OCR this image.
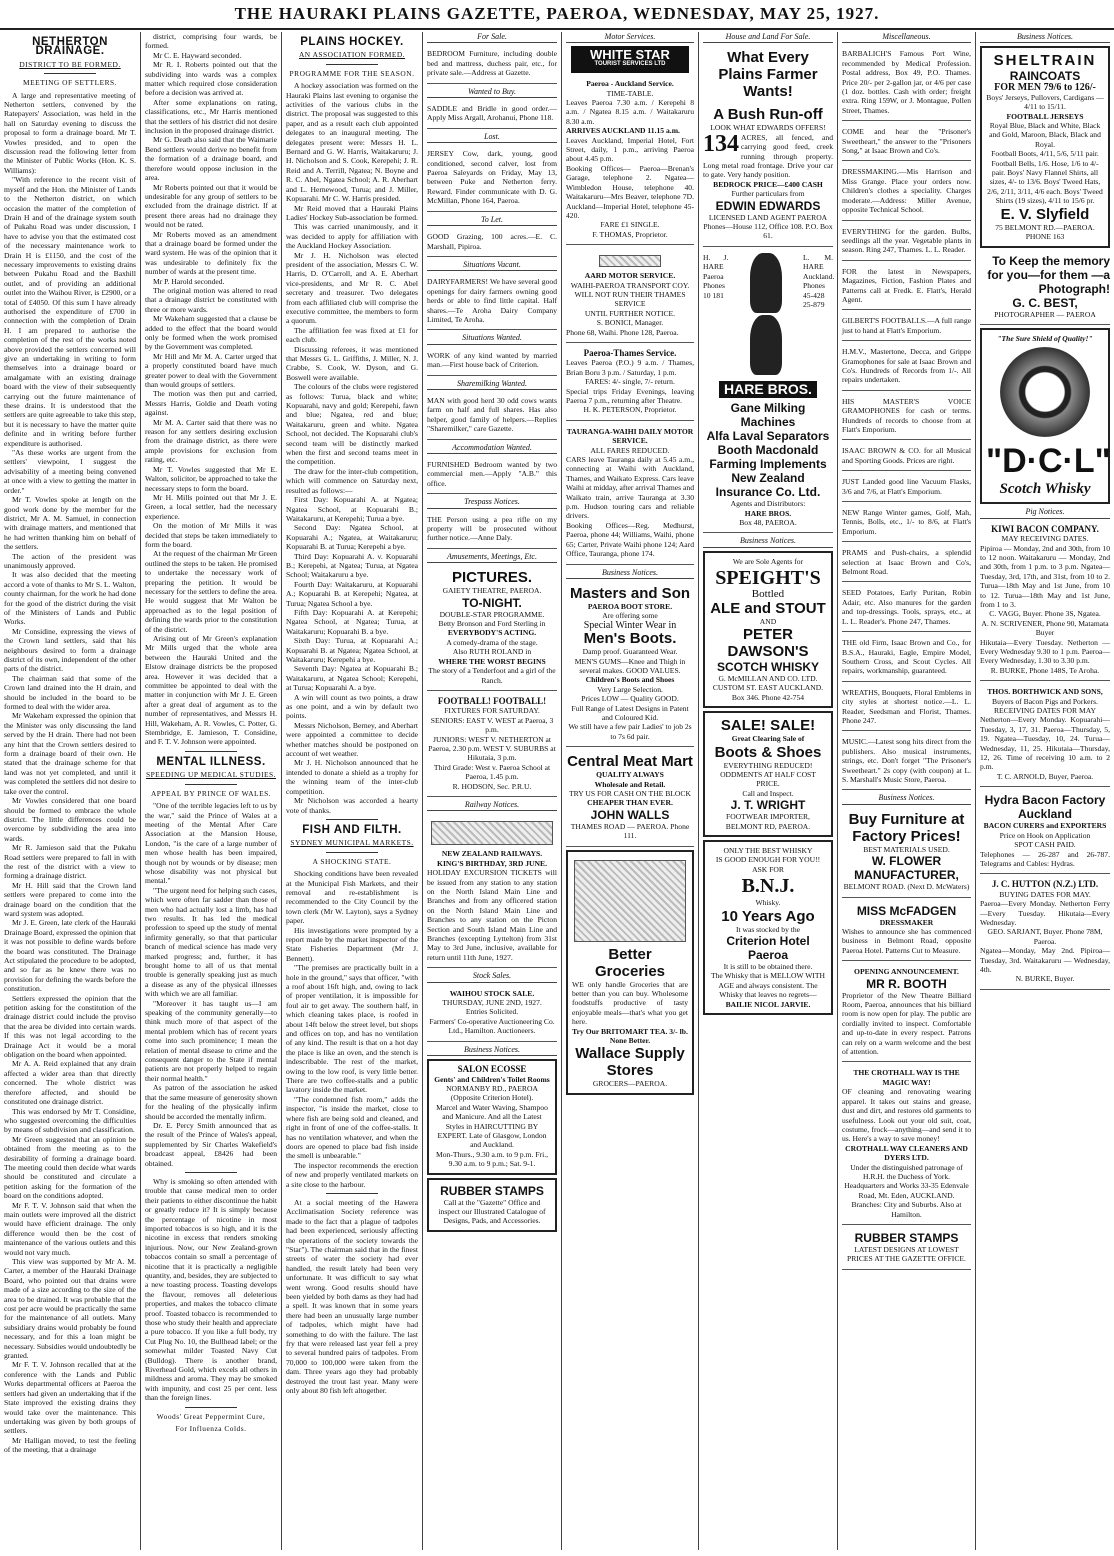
THE HAURAKI PLAINS GAZETTE, PAEROA, WEDNESDAY, MAY 25, 1927.
NETHERTON DRAINAGE.
DISTRICT TO BE FORMED.
MEETING OF SETTLERS.

A large and representative meeting of Netherton settlers, convened by the Ratepayers' Association, was held in the hall on Saturday evening to discuss the proposal to form a drainage board. Mr T. Vowles presided, and to open the discussion read the following letter from the Minister of Public Works (Hon. K. S. Williams):

"With reference to the recent visit of myself and the Hon. the Minister of Lands to the Netherton district, on which occasion the matter of the completion of Drain H and of the drainage system south of Pukahu Road was under discussion, I have to advise you that the estimated cost of the necessary maintenance work to Drain H is £1150, and the cost of the necessary improvements to existing drains between Pukahu Road and the Baxhill outlet, and of providing an additional outlet into the Waihou River, is £2900, or a total of £4050. Of this sum I have already authorised the expenditure of £700 in connection with the completion of Drain H. I am prepared to authorise the completion of the rest of the works noted above provided the settlers concerned will give an undertaking in writing to form themselves into a drainage board or amalgamate with an existing drainage board with the view of their subsequently carrying out the future maintenance of these drains. It is understood that the settlers are quite agreeable to take this step, but it is necessary to have the matter quite definite and in writing before further expenditure is authorised.

"As these works are urgent from the settlers' viewpoint, I suggest the advisability of a meeting being convened at once with a view to getting the matter in order."

Mr T. Vowles spoke at length on the good work done by the member for the district, Mr A. M. Samuel, in connection with drainage matters, and mentioned that he had written thanking him on behalf of the settlers.

The action of the president was unanimously approved.

It was also decided that the meeting accord a vote of thanks to Mr S. L. Walton, county chairman, for the work he had done for the good of the district during the visit of the Ministers of Lands and Public Works.

Mr Considine, expressing the views of the Crown land settlers, said that his neighbours desired to form a drainage district of its own, independent of the other parts of the district.

The chairman said that some of the Crown land drained into the H drain, and should be included in the board to be formed to deal with the wider area.

Mr Wakeham expressed the opinion that the Minister was only discussing the land served by the H drain. There had not been any hint that the Crown settlers desired to form a drainage board of their own. He stated that the drainage scheme for that land was not yet completed, and until it was completed the settlers did not desire to take over the control.

Mr Vowles considered that one board should be formed to embrace the whole district. The little differences could be overcome by subdividing the area into wards.

Mr R. Jamieson said that the Pukahu Road settlers were prepared to fall in with the rest of the district with a view to forming a drainage district.

Mr H. Hill said that the Crown land settlers were prepared to come into the drainage board on the condition that the ward system was adopted.

Mr J. E. Green, late clerk of the Hauraki Drainage Board, expressed the opinion that it was not possible to define wards before the board was constituted. The Drainage Act stipulated the procedure to be adopted, and so far as he knew there was no provision for defining the wards before the constitution.

Settlers expressed the opinion that the petition asking for the constitution of the drainage district could include the proviso that the area be divided into certain wards. If this was not legal according to the Drainage Act it would be a moral obligation on the board when appointed.

Mr A. A. Reid explained that any drain affected a wider area than that directly concerned. The whole district was therefore affected, and should be constituted one drainage district.

This was endorsed by Mr T. Considine, who suggested overcoming the difficulties by means of subdivision and classification.

Mr Green suggested that an opinion be obtained from the meeting as to the desirability of forming a drainage board. The meeting could then decide what wards should be constituted and circulate a petition asking for the formation of the board on the conditions adopted.

Mr F. T. V. Johnson said that when the main outlets were improved all the district would have efficient drainage. The only difference would then be the cost of maintenance of the various outlets and this would not vary much.

This view was supported by Mr A. M. Carter, a member of the Hauraki Drainage Board, who pointed out that drains were made of a size according to the size of the area to be drained. It was probable that the cost per acre would be practically the same for the maintenance of all outlets. Many subsidiary drains would probably be found necessary, and for this a loan might be necessary. Subsidies would undoubtedly be granted.

Mr F. T. V. Johnson recalled that at the conference with the Lands and Public Works departmental officers at Paeroa the settlers had given an undertaking that if the State improved the existing drains they would take over the maintenance. This undertaking was given by both groups of settlers.

Mr Halligan moved, to test the feeling of the meeting, that a drainage

district, comprising four wards, be formed.

Mr C. E. Hayward seconded.

Mr R. I. Roberts pointed out that the subdividing into wards was a complex matter which required close consideration before a decision was arrived at.

After some explanations on rating, classifications, etc., Mr Harris mentioned that the settlers of his district did not desire inclusion in the proposed drainage district.

Mr G. Death also said that the Waimarie Bend settlers would derive no benefit from the formation of a drainage board, and therefore would oppose inclusion in the area.

Mr Roberts pointed out that it would be undesirable for any group of settlers to be excluded from the drainage district. If at present there areas had no drainage they would not be rated.

Mr Roberts moved as an amendment that a drainage board be formed under the ward system. He was of the opinion that it was undesirable to definitely fix the number of wards at the present time.

Mr P. Harold seconded.

The original motion was altered to read that a drainage district be constituted with three or more wards.

Mr Wakeham suggested that a clause be added to the effect that the board would only be formed when the work promised by the Government was completed.

Mr Hill and Mr M. A. Carter urged that a properly constituted board have much greater power to deal with the Government than would groups of settlers.

The motion was then put and carried, Messrs Harris, Goldie and Death voting against.

Mr M. A. Carter said that there was no reason for any settlers desiring exclusion from the drainage district, as there were ample provisions for exclusion from rating, etc.

Mr T. Vowles suggested that Mr E. Walton, solicitor, be approached to take the necessary steps to form the board.

Mr H. Mills pointed out that Mr J. E. Green, a local settler, had the necessary experience.

On the motion of Mr Mills it was decided that steps be taken immediately to form the board.

At the request of the chairman Mr Green outlined the steps to be taken. He promised to undertake the necessary work of preparing the petition. It would be necessary for the settlers to define the area. He would suggest that Mr Walton be approached as to the legal position of defining the wards prior to the constitution of the district.

Arising out of Mr Green's explanation Mr Mills urged that the whole area between the Hauraki United and the Elstow drainage districts be the proposed area. However it was decided that a committee be appointed to deal with the matter in conjunction with Mr J. E. Green after a great deal of argument as to the number of representatives, and Messrs H. Hill, Wakeham, A. R. Vowles, C. Potter, G. Stembridge, E. Jamieson, T. Considine, and F. T. V. Johnson were appointed.

MENTAL ILLNESS.
SPEEDING UP MEDICAL STUDIES.
APPEAL BY PRINCE OF WALES.

"One of the terrible legacies left to us by the war," said the Prince of Wales at a meeting of the Mental After Care Association at the Mansion House, London, "is the care of a large number of men whose health has been impaired, though not by wounds or by disease; men whose disability was not physical but mental."

"The urgent need for helping such cases, which were often far sadder than those of men who had actually lost a limb, has had two results. It has led the medical profession to speed up the study of mental infirmity generally, so that that particular branch of medical science has made very marked progress; and, further, it has brought home to all of us that mental trouble is generally speaking just as much a disease as any of the physical illnesses with which we are all familiar.

"Moreover it has taught us—I am speaking of the community generally—to think much more of that aspect of the mental problem which has of recent years come into such prominence; I mean the relation of mental disease to crime and the consequent danger to the State if mental patients are not properly helped to regain their normal health."

As patron of the association he asked that the same measure of generosity shown for the healing of the physically infirm should be accorded the mentally infirm.

Dr. E. Percy Smith announced that as the result of the Prince of Wales's appeal, supplemented by Sir Charles Wakefield's broadcast appeal, £8426 had been obtained.

Why is smoking so often attended with trouble that cause medical men to order their patients to either discontinue the habit or greatly reduce it? It is simply because the percentage of nicotine in most imported tobaccos is so high, and it is the nicotine in excess that renders smoking injurious. Now, our New Zealand-grown tobaccos contain so small a percentage of nicotine that it is practically a negligible quantity, and, besides, they are subjected to a new toasting process. Toasting develops the flavour, removes all deleterious properties, and makes the tobacco climate proof. Toasted tobacco is recommended to those who study their health and appreciate a pure tobacco. If you like a full body, try Cut Plug No. 10, the Bullhead label; or the somewhat milder Toasted Navy Cut (Bulldog). There is another brand, Riverhead Gold, which excels all others in mildness and aroma. They may be smoked with impunity, and cost 25 per cent. less than the foreign lines.

Woods' Great Peppermint Cure,
For Influenza Colds.
PLAINS HOCKEY.
AN ASSOCIATION FORMED.
PROGRAMME FOR THE SEASON.

A hockey association was formed on the Hauraki Plains last evening to organise the activities of the various clubs in the district. The proposal was suggested to this paper, and as a result each club appointed delegates to an inaugural meeting. The delegates present were: Messrs H. L. Bernard and G. W. Harris, Waitakaruru; J. H. Nicholson and S. Cook, Kerepehi; J. R. Reid and A. Terrill, Ngatea; N. Boyne and R. C. Abel, Ngatea School; A. R. Aberhart and L. Hernewood, Turua; and J. Miller, Kopuarahi. Mr C. W. Harris presided.

Mr Reid moved that a Hauraki Plains Ladies' Hockey Sub-association be formed.

This was carried unanimously, and it was decided to apply for affiliation with the Auckland Hockey Association.

Mr J. H. Nicholson was elected president of the association, Messrs C. W. Harris, D. O'Carroll, and A. E. Aberhart vice-presidents, and Mr R. C. Abel secretary and treasurer. Two delegates from each affiliated club will comprise the executive committee, the members to form a quorum.

The affiliation fee was fixed at £1 for each club.

Discussing referees, it was mentioned that Messrs G. L. Griffiths, J. Miller, N. J. Crabbe, S. Cook, W. Dyson, and G. Boswell were available.

The colours of the clubs were registered as follows: Turua, black and white; Kopuarahi, navy and gold; Kerepehi, fawn and blue; Ngatea, red and blue; Waitakaruru, green and white. Ngatea School, not decided. The Kopuarahi club's second team will be distinctly marked when the first and second teams meet in the competition.

The draw for the inter-club competition, which will commence on Saturday next, resulted as follows:—

First Day: Kopuarahi A. at Ngatea; Ngatea School, at Kopuarahi B.; Waitakaruru, at Kerepehi; Turua a bye.

Second Day: Ngatea School, at Kopuarahi A.; Ngatea, at Waitakaruru; Kopuarahi B. at Turua; Kerepehi a bye.

Third Day: Kopuarahi A. v. Kopuarahi B.; Kerepehi, at Ngatea; Turua, at Ngatea School; Waitakaruru a bye.

Fourth Day: Waitakaruru, at Kopuarahi A.; Kopuarahi B. at Kerepehi; Ngatea, at Turua; Ngatea School a bye.

Fifth Day: Kopuarahi A. at Kerepehi; Ngatea School, at Ngatea; Turua, at Waitakaruru; Kopuarahi B. a bye.

Sixth Day: Turua, at Kopuarahi A.; Kopuarahi B. at Ngatea; Ngatea School, at Waitakaruru; Kerepehi a bye.

Seventh Day: Ngatea at Kopuarahi B.; Waitakaruru, at Ngatea School; Kerepehi, at Turua; Kopuarahi A. a bye.

A win will count as two points, a draw as one point, and a win by default two points.

Messrs Nicholson, Berney, and Aberhart were appointed a committee to decide whether matches should be postponed on account of wet weather.

Mr J. H. Nicholson announced that he intended to donate a shield as a trophy for the winning team of the inter-club competition.

Mr Nicholson was accorded a hearty vote of thanks.

FISH AND FILTH.
SYDNEY MUNICIPAL MARKETS.
A SHOCKING STATE.

Shocking conditions have been revealed at the Municipal Fish Markets, and their removal and re-establishment is recommended to the City Council by the town clerk (Mr W. Layton), says a Sydney paper.

His investigations were prompted by a report made by the market inspector of the State Fisheries Department (Mr J. Bennett).

"The premises are practically built in a hole in the ground," says that officer, "with a roof about 16ft high, and, owing to lack of proper ventilation, it is impossible for foul air to get away. The southern half, in which cleaning takes place, is roofed in about 14ft below the street level, but shops and offices on top, and has no ventilation of any kind. The result is that on a hot day the place is like an oven, and the stench is indescribable. The rest of the market, owing to the low roof, is very little better. There are two coffee-stalls and a public lavatory inside the market.

"The condemned fish room," adds the inspector, "is inside the market, close to where fish are being sold and cleaned, and right in front of one of the coffee-stalls. It has no ventilation whatever, and when the doors are opened to place bad fish inside the smell is unbearable."

The inspector recommends the erection of new and properly ventilated markets on a site close to the harbour.

At a social meeting of the Hawera Acclimatisation Society reference was made to the fact that a plague of tadpoles had been experienced, seriously affecting the operations of the society towards the "Star"). The chairman said that in the finest streets of water the society had ever handled, the result lately had been very unfortunate. It was difficult to say what went wrong. Good results should have been yielded by both dams as they had had a spell. It was known that in some years there had been an unusually large number of tadpoles, which might have had something to do with the failure. The last fry that were released last year fell a prey to several hundred pairs of tadpoles. From 70,000 to 100,000 were taken from the dam. Three years ago they had probably destroyed the trout last year. Many were only about 80 fish left altogether.

For Sale.
BEDROOM Furniture, including double bed and mattress, duchess pair, etc., for private sale.—Address at Gazette.
Wanted to Buy.
SADDLE and Bridle in good order.—Apply Miss Argall, Arohanui, Phone 118.
Lost.
JERSEY Cow, dark, young, good conditioned, second calver, lost from Paeroa Saleyards on Friday, May 13, between Puke and Netherton ferry. Reward. Finder communicate with D. G. McMillan, Phone 164, Paeroa.
To Let.
GOOD Grazing, 100 acres.—E. C. Marshall, Pipiroa.
Situations Vacant.
DAIRYFARMERS! We have several good openings for dairy farmers owning good herds or able to find little capital. Half shares.—Te Aroha Dairy Company Limited, Te Aroha.
Situations Wanted.
WORK of any kind wanted by married man.—First house back of Criterion.
Sharemilking Wanted.
MAN with good herd 30 odd cows wants farm on half and full shares. Has also helper, good family of helpers.—Replies "Sharemilker," care Gazette.
Accommodation Wanted.
FURNISHED Bedroom wanted by two commercial men.—Apply "A.B." this office.
Trespass Notices.
THE Person using a pea rifle on my property will be prosecuted without further notice.—Anne Daly.
Amusements, Meetings, Etc.
PICTURES.
GAIETY THEATRE, PAEROA.
TO-NIGHT.
DOUBLE-STAR PROGRAMME.
Betty Bronson and Ford Sterling in
EVERYBODY'S ACTING.
A comedy-drama of the stage.
Also RUTH ROLAND in
WHERE THE WORST BEGINS
The story of a Tenderfoot and a girl of the Ranch.
FOOTBALL! FOOTBALL!
FIXTURES FOR SATURDAY.
SENIORS: EAST V. WEST at Paeroa, 3 p.m.
JUNIORS: WEST V. NETHERTON at Paeroa, 2.30 p.m. WEST V. SUBURBS at Hikutaia, 3 p.m.
Third Grade: West v. Paeroa School at Paeroa, 1.45 p.m.
R. HODSON, Sec. P.R.U.
Railway Notices.
NEW ZEALAND RAILWAYS.
KING'S BIRTHDAY, 3RD JUNE.
HOLIDAY EXCURSION TICKETS will be issued from any station to any station on the North Island Main Line and Branches and from any officered station on the North Island Main Line and Branches to any station on the Picton Section and South Island Main Line and Branches (excepting Lyttelton) from 31st May to 3rd June, inclusive, available for return until 11th June, 1927.
Stock Sales.
WAIHOU STOCK SALE.
THURSDAY, JUNE 2ND, 1927.
Entries Solicited.
Farmers' Co-operative Auctioneering Co. Ltd., Hamilton. Auctioneers.
Business Notices.
SALON ECOSSE
Gents' and Children's Toilet Rooms
NORMANBY RD., PAEROA (Opposite Criterion Hotel).
Marcel and Water Waving, Shampoo and Manicure. And all the Latest Styles in HAIRCUTTING BY EXPERT. Late of Glasgow, London and Auckland.
Mon-Thurs., 9.30 a.m. to 9 p.m. Fri., 9.30 a.m. to 9 p.m.; Sat. 9-1.
RUBBER STAMPS
Call at the "Gazette" Office and inspect our Illustrated Catalogue of Designs, Pads, and Accessories.
Motor Services.
WHITE STAR
TOURIST SERVICES LTD
Paeroa - Auckland Service.
TIME-TABLE.
Leaves Paeroa 7.30 a.m. / Kerepehi 8 a.m. / Ngatea 8.15 a.m. / Waitakaruru 8.30 a.m.
ARRIVES AUCKLAND 11.15 a.m.
Leaves Auckland, Imperial Hotel, Fort Street, daily, 1 p.m., arriving Paeroa about 4.45 p.m.
Booking Offices— Paeroa—Brenan's Garage, telephone 2. Ngatea—Wimbledon House, telephone 40. Waitakaruru—Mrs Beaver, telephone 7D. Auckland—Imperial Hotel, telephone 45-420.
FARE £1 SINGLE.
F. THOMAS, Proprietor.
AARD MOTOR SERVICE.
WAIHI-PAEROA TRANSPORT COY.
WILL NOT RUN THEIR THAMES SERVICE
UNTIL FURTHER NOTICE.
S. BONICI, Manager.
Phone 68, Waihi. Phone 128, Paeroa.
Paeroa-Thames Service.
Leaves Paeroa (P.O.) 9 a.m. / Thames, Brian Boru 3 p.m. / Saturday, 1 p.m.
FARES: 4/- single, 7/- return.
Special trips Friday Evenings, leaving Paeroa 7 p.m., returning after Theatre.
H. K. PETERSON, Proprietor.
TAURANGA-WAIHI DAILY MOTOR SERVICE.
ALL FARES REDUCED.
CARS leave Tauranga daily at 5.45 a.m., connecting at Waihi with Auckland, Thames, and Waikato Express. Cars leave Waihi at midday, after arrival Thames and Waikato train, arrive Tauranga at 3.30 p.m. Hudson touring cars and reliable drivers.
Booking Offices—Reg. Medhurst, Paeroa, phone 44; Williams, Waihi, phone 65; Carter, Private Waihi phone 124; Aard Office, Tauranga, phone 174.
Business Notices.
Masters and Son
PAEROA BOOT STORE.
Are offering some
Special Winter Wear in
Men's Boots.
Damp proof. Guaranteed Wear.
MEN'S GUMS—Knee and Thigh in several makes. GOOD VALUES.
Children's Boots and Shoes
Very Large Selection.
Prices LOW — Quality GOOD.
Full Range of Latest Designs in Patent and Coloured Kid.
We still have a few pair Ladies' to job 2s to 7s 6d pair.
Central Meat Mart
QUALITY ALWAYS
Wholesale and Retail.
TRY US FOR CASH ON THE BLOCK
CHEAPER THAN EVER.
JOHN WALLS
THAMES ROAD — PAEROA. Phone 111.
Better Groceries
WE only handle Groceries that are better than you can buy. Wholesome foodstuffs productive of tasty enjoyable meals—that's what you get here.
Try Our BRITOMART TEA. 3/- lb. None Better.
Wallace Supply Stores
GROCERS—PAEROA.
House and Land For Sale.
What Every Plains Farmer Wants!
A Bush Run-off
LOOK WHAT EDWARDS OFFERS!
134 ACRES, all fenced, and carrying good feed, creek running through property. Long metal road frontage. Drive your car to gate. Very handy position.
BEDROCK PRICE—£400 CASH
Further particulars from
EDWIN EDWARDS
LICENSED LAND AGENT PAEROA
Phones—House 112, Office 108. P.O. Box 61.
H. J. HARE Paeroa Phones 10 181
L. M. HARE Auckland. Phones 45-428 25-879
HARE BROS.
Gane Milking Machines
Alfa Laval Separators
Booth Macdonald Farming Implements
New Zealand Insurance Co. Ltd.
Agents and Distributors:
HARE BROS.
Box 48, PAEROA.
Business Notices.
We are Sole Agents for
SPEIGHT'S
Bottled
ALE and STOUT
AND
PETER DAWSON'S
SCOTCH WHISKY
G. McMILLAN AND CO. LTD.
CUSTOM ST. EAST AUCKLAND.
Box 346. Phone 42-754
SALE! SALE!
Great Clearing Sale of
Boots & Shoes
EVERYTHING REDUCED!
ODDMENTS AT HALF COST PRICE.
Call and Inspect.
J. T. WRIGHT
FOOTWEAR IMPORTER, BELMONT RD, PAEROA.
ONLY THE BEST WHISKY
IS GOOD ENOUGH FOR YOU!!
ASK FOR
B.N.J.
Whisky.
10 Years Ago
It was stocked by the
Criterion Hotel Paeroa
It is still to be obtained there.
The Whisky that is MELLOW WITH AGE and always consistent. The Whisky that leaves no regrets—
BAILIE NICOL JARVIE.
Miscellaneous.
BARBALICH'S Famous Port Wine, recommended by Medical Profession. Postal address, Box 49, P.O. Thames. Price 20/- per 2-gallon jar, or 4/6 per case (1 doz. bottles. Cash with order; freight extra. Ring 159W, or J. Montague, Pollen Street, Thames.
COME and hear the "Prisoner's Sweetheart," the answer to the "Prisoners Song," at Isaac Brown and Co's.
DRESSMAKING.—Mis Harrison and Miss Grange. Place your orders now. Children's clothes a speciality. Charges moderate.—Address: Miller Avenue, opposite Technical School.
EVERYTHING for the garden. Bulbs, seedlings all the year. Vegetable plants in season. Ring 247, Thames. L. L. Reader.
FOR the latest in Newspapers, Magazines, Fiction, Fashion Plates and Patterns call at Fredk. E. Flatt's, Herald Agent.
GILBERT'S FOOTBALLS.—A full range just to hand at Flatt's Emporium.
H.M.V., Mastertone, Decca, and Grippe Gramophones for sale at Isaac Brown and Co's. Hundreds of Records from 1/-. All repairs undertaken.
HIS MASTER'S VOICE GRAMOPHONES for cash or terms. Hundreds of records to choose from at Flatt's Emporium.
ISAAC BROWN & CO. for all Musical and Sporting Goods. Prices are right.
JUST Landed good line Vacuum Flasks, 3/6 and 7/6, at Flatt's Emporium.
NEW Range Winter games, Golf, Mah, Tennis, Bolls, etc., 1/- to 8/6, at Flatt's Emporium.
PRAMS and Push-chairs, a splendid selection at Isaac Brown and Co's, Belmont Road.
SEED Potatoes, Early Puritan, Robin Adair, etc. Also manures for the garden and top-dressings. Tools, sprays, etc., at L. L. Reader's. Phone 247, Thames.
THE old Firm, Isaac Brown and Co., for B.S.A., Hauraki, Eagle, Empire Model, Southern Cross, and Scout Cycles. All repairs, workmanship, guaranteed.
WREATHS, Bouquets, Floral Emblems in city styles at shortest notice.—L. L. Reader, Seedsman and Florist, Thames. Phone 247.
MUSIC.—Latest song hits direct from the publishers. Also musical instruments, strings, etc. Don't forget "The Prisoner's Sweetheart." 2s copy (with coupon) at L. S. Marshall's Music Store, Paeroa.
Business Notices.
Buy Furniture at Factory Prices!
BEST MATERIALS USED.
W. FLOWER MANUFACTURER,
BELMONT ROAD. (Next D. McWaters)
MISS McFADGEN
DRESSMAKER
Wishes to announce she has commenced business in Belmont Road, opposite Paeroa Hotel. Patterns Cut to Measure.
OPENING ANNOUNCEMENT.
MR R. BOOTH
Proprietor of the New Theatre Billiard Room, Paeroa, announces that his billiard room is now open for play. The public are cordially invited to inspect. Comfortable and up-to-date in every respect. Patrons can rely on a warm welcome and the best of attention.
THE CROTHALL WAY IS THE MAGIC WAY!
OF cleaning and renovating wearing apparel. It takes out stains and grease, dust and dirt, and restores old garments to usefulness. Look out your old suit, coat, costume, frock—anything—and send it to us. Here's a way to save money!
CROTHALL WAY CLEANERS AND DYERS LTD.
Under the distinguished patronage of H.R.H. the Duchess of York.
Headquarters and Works 33-35 Edenvale Road, Mt. Eden, AUCKLAND.
Branches: City and Suburbs. Also at Hamilton.
RUBBER STAMPS
LATEST DESIGNS AT LOWEST PRICES AT THE GAZETTE OFFICE.
Business Notices.
SHELTRAIN
RAINCOATS
FOR MEN 79/6 to 126/-
Boys' Jerseys, Pullovers, Cardigans — 4/11 to 15/11.
FOOTBALL JERSEYS
Royal Blue, Black and White, Black and Gold, Maroon, Black, Black and Royal.
Football Boots, 4/11, 5/6, 5/11 pair. Football Bells, 1/6. Hose, 1/6 to 4/- pair. Boys' Navy Flannel Shirts, all sizes, 4/- to 13/6. Boys' Tweed Hats, 2/6, 2/11, 3/11, 4/6 each. Boys' Tweed Shirts (19 sizes), 4/11 to 15/6 pr.
E. V. Slyfield
75 BELMONT RD.—PAEROA. PHONE 163
To Keep the memory for you—for them —a Photograph!
G. C. BEST,
PHOTOGRAPHER — PAEROA
"The Sure Shield of Quality!"
"D·C·L"
Scotch Whisky
Pig Notices.
KIWI BACON COMPANY.
MAY RECEIVING DATES.
Pipiroa — Monday, 2nd and 30th, from 10 to 12 noon. Waitakaruru — Monday, 2nd and 30th, from 1 p.m. to 3 p.m. Ngatea— Tuesday, 3rd, 17th, and 31st, from 10 to 2. Turua—18th May and 1st June, from 10 to 12. Turua—18th May and 1st June, from 1 to 3.
C. VAGG, Buyer. Phone 3S, Ngatea.
A. N. SCRIVENER, Phone 90, Matamata Buyer
Hikutaia—Every Tuesday. Netherton — Every Wednesday 9.30 to 1 p.m. Paeroa—Every Wednesday, 1.30 to 3.30 p.m.
R. BURKE, Phone 148S, Te Aroha.
THOS. BORTHWICK AND SONS,
Buyers of Bacon Pigs and Porkers.
RECEIVING DATES FOR MAY
Netherton—Every Monday. Kopuarahi—Tuesday, 3, 17, 31. Paeroa—Thursday, 5, 19. Ngatea—Tuesday, 10, 24. Turua—Wednesday, 11, 25. Hikutaia—Thursday, 12, 26. Time of receiving 10 a.m. to 2 p.m.
T. C. ARNOLD, Buyer, Paeroa.
Hydra Bacon Factory Auckland
BACON CURERS and EXPORTERS
Price on Hook on Application
SPOT CASH PAID.
Telephones — 26-287 and 26-787. Telegrams and Cables: Hydras.
J. C. HUTTON (N.Z.) LTD.
BUYING DATES FOR MAY.
Paeroa—Every Monday. Netherton Ferry—Every Tuesday. Hikutaia—Every Wednesday.
GEO. SARJANT, Buyer. Phone 78M, Paeroa.
Ngatea—Monday, May 2nd. Pipiroa—Tuesday, 3rd. Waitakaruru — Wednesday, 4th.
N. BURKE, Buyer.
